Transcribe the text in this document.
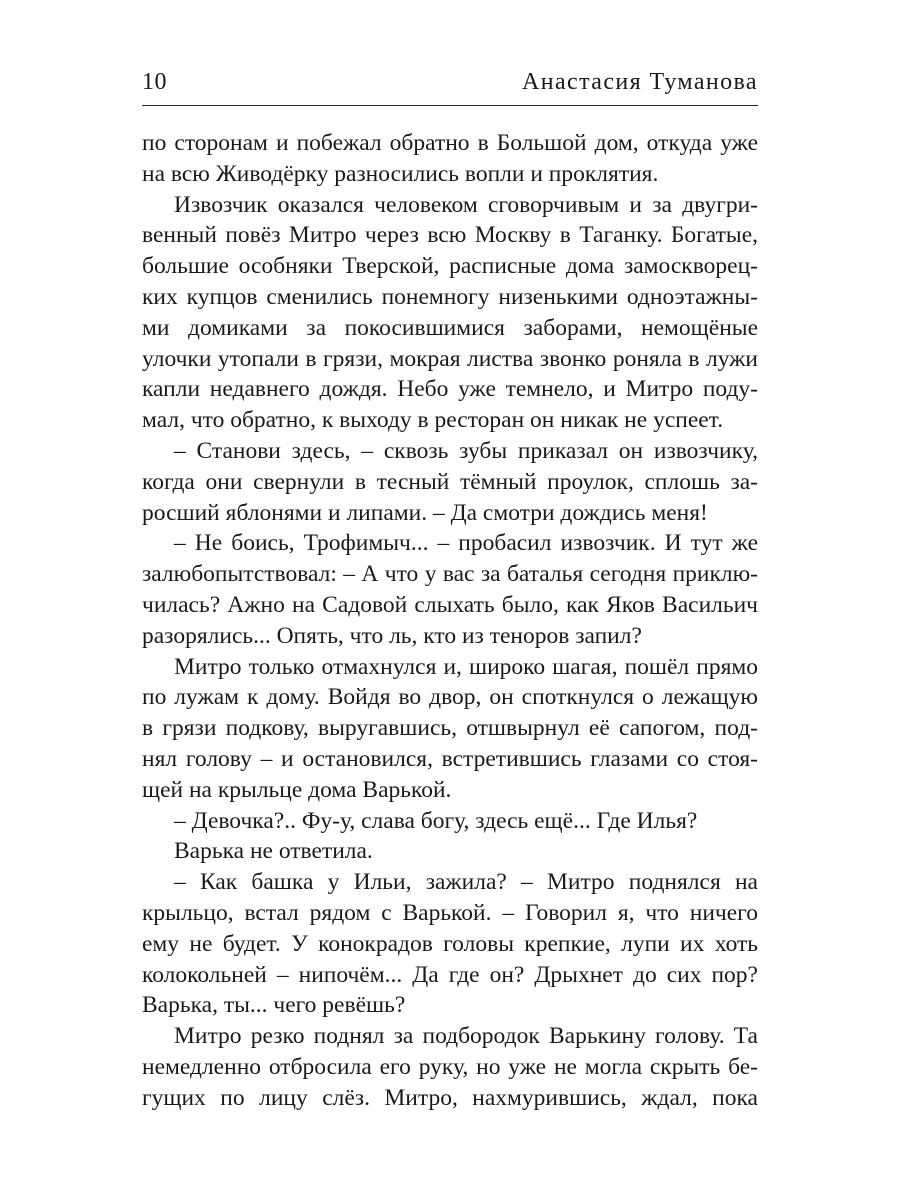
10	Анастасия Туманова
по сторонам и побежал обратно в Большой дом, откуда уже
на всю Живодёрку разносились вопли и проклятия.
Извозчик оказался человеком сговорчивым и за двугри-
венный повёз Митро через всю Москву в Таганку. Богатые,
большие особняки Тверской, расписные дома замоскворец-
ких купцов сменились понемногу низенькими одноэтажны-
ми домиками за покосившимися заборами, немощёные
улочки утопали в грязи, мокрая листва звонко роняла в лужи
капли недавнего дождя. Небо уже темнело, и Митро поду-
мал, что обратно, к выходу в ресторан он никак не успеет.
– Станови здесь, – сквозь зубы приказал он извозчику,
когда они свернули в тесный тёмный проулок, сплошь за-
росший яблонями и липами. – Да смотри дождись меня!
– Не боись, Трофимыч... – пробасил извозчик. И тут же
залюбопытствовал: – А что у вас за баталья сегодня приклю-
чилась? Ажно на Садовой слыхать было, как Яков Васильич
разорялись... Опять, что ль, кто из теноров запил?
Митро только отмахнулся и, широко шагая, пошёл прямо
по лужам к дому. Войдя во двор, он споткнулся о лежащую
в грязи подкову, выругавшись, отшвырнул её сапогом, под-
нял голову – и остановился, встретившись глазами со стоя-
щей на крыльце дома Варькой.
– Девочка?.. Фу-у, слава богу, здесь ещё... Где Илья?
Варька не ответила.
– Как башка у Ильи, зажила? – Митро поднялся на
крыльцо, встал рядом с Варькой. – Говорил я, что ничего
ему не будет. У конокрадов головы крепкие, лупи их хоть
колокольней – нипочём... Да где он? Дрыхнет до сих пор?
Варька, ты... чего ревёшь?
Митро резко поднял за подбородок Варькину голову. Та
немедленно отбросила его руку, но уже не могла скрыть бе-
гущих по лицу слёз. Митро, нахмурившись, ждал, пока
